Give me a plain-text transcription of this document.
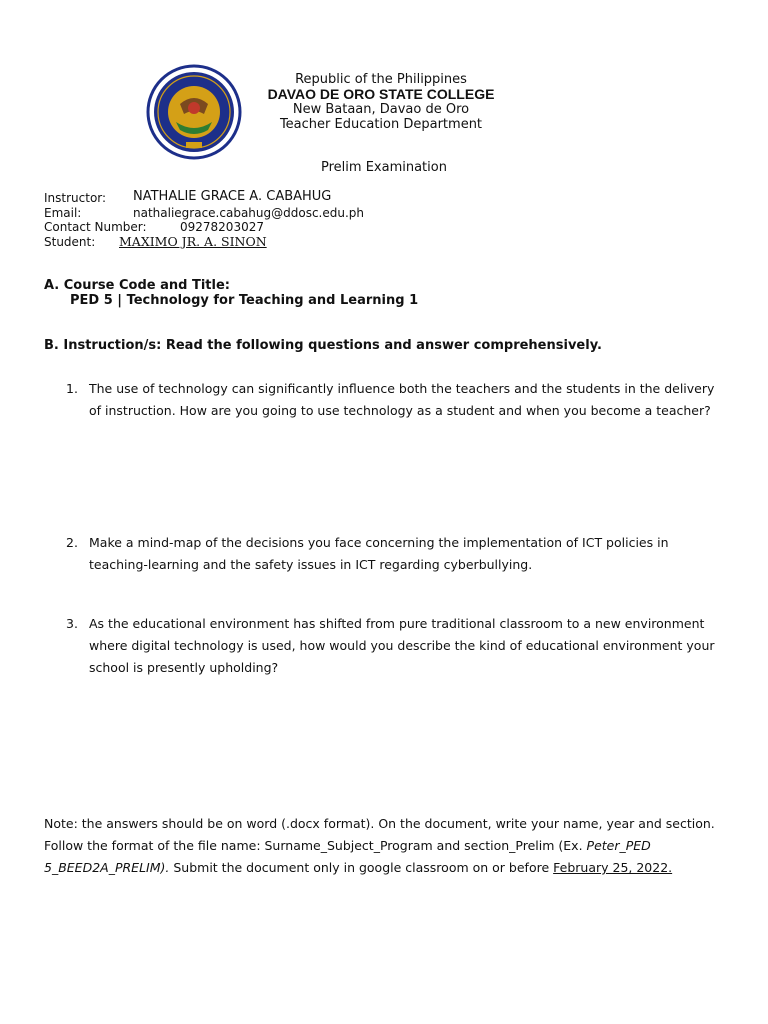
Republic of the Philippines
DAVAO DE ORO STATE COLLEGE
New Bataan, Davao de Oro
Teacher Education Department
Prelim Examination
Instructor: NATHALIE GRACE A. CABAHUG
Email:	nathaliegrace.cabahug@ddosc.edu.ph
Contact Number:	09278203027
Student: MAXIMO JR. A. SINON
A. Course Code and Title:
PED 5 | Technology for Teaching and Learning 1
B. Instruction/s: Read the following questions and answer comprehensively.
1. The use of technology can significantly influence both the teachers and the students in the delivery of instruction. How are you going to use technology as a student and when you become a teacher?
2. Make a mind-map of the decisions you face concerning the implementation of ICT policies in teaching-learning and the safety issues in ICT regarding cyberbullying.
3. As the educational environment has shifted from pure traditional classroom to a new environment where digital technology is used, how would you describe the kind of educational environment your school is presently upholding?
Note: the answers should be on word (.docx format). On the document, write your name, year and section. Follow the format of the file name: Surname_Subject_Program and section_Prelim (Ex. Peter_PED 5_BEED2A_PRELIM). Submit the document only in google classroom on or before February 25, 2022.
